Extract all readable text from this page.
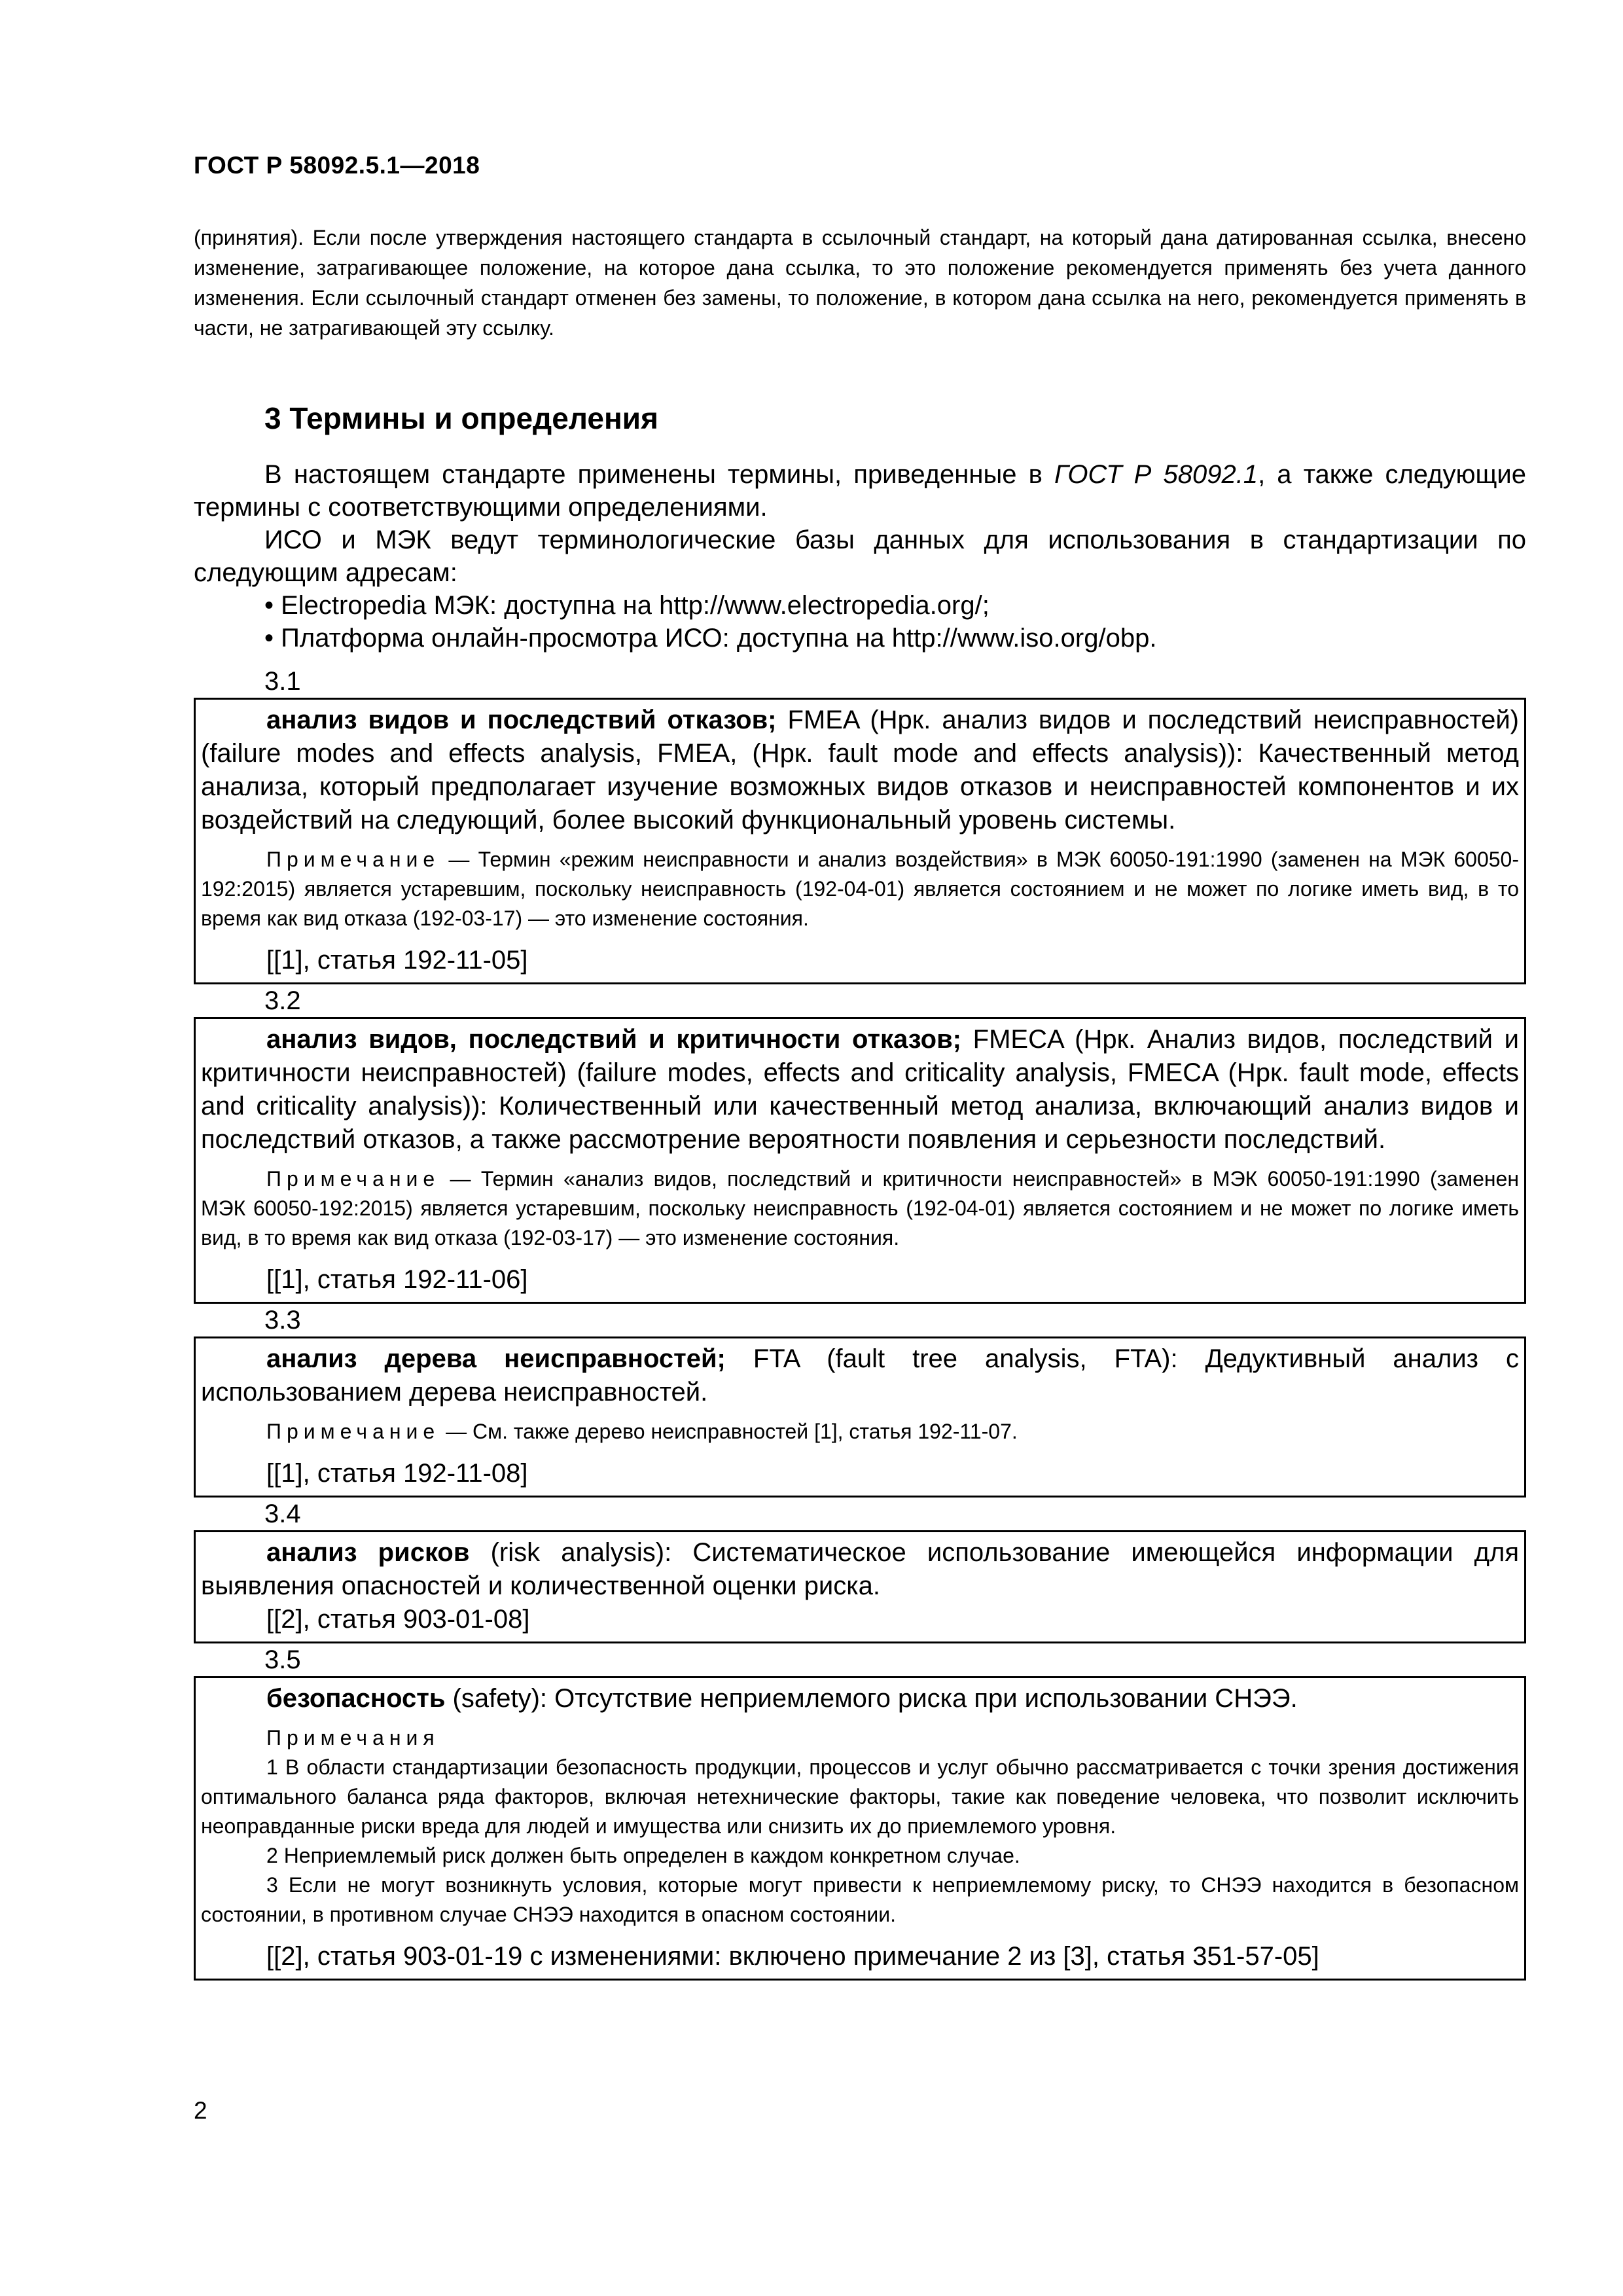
ГОСТ Р 58092.5.1—2018
(принятия). Если после утверждения настоящего стандарта в ссылочный стандарт, на который дана датированная ссылка, внесено изменение, затрагивающее положение, на которое дана ссылка, то это положение рекомендуется применять без учета данного изменения. Если ссылочный стандарт отменен без замены, то положение, в котором дана ссылка на него, рекомендуется применять в части, не затрагивающей эту ссылку.
3 Термины и определения

В настоящем стандарте применены термины, приведенные в ГОСТ Р 58092.1, а также следующие термины с соответствующими определениями.

ИСО и МЭК ведут терминологические базы данных для использования в стандартизации по следующим адресам:

• Electropedia МЭК: доступна на http://www.electropedia.org/;

• Платформа онлайн-просмотра ИСО: доступна на http://www.iso.org/obp.

3.1

анализ видов и последствий отказов; FMEA (Нрк. анализ видов и последствий неисправностей) (failure modes and effects analysis, FMEA, (Нрк. fault mode and effects analysis)): Качественный метод анализа, который предполагает изучение возможных видов отказов и неисправностей компонентов и их воздействий на следующий, более высокий функциональный уровень системы.

Примечание — Термин «режим неисправности и анализ воздействия» в МЭК 60050-191:1990 (заменен на МЭК 60050-192:2015) является устаревшим, поскольку неисправность (192-04-01) является состоянием и не может по логике иметь вид, в то время как вид отказа (192-03-17) — это изменение состояния.

[[1], статья 192-11-05]
3.2

анализ видов, последствий и критичности отказов; FMECA (Нрк. Анализ видов, последствий и критичности неисправностей) (failure modes, effects and criticality analysis, FMECA (Нрк. fault mode, effects and criticality analysis)): Количественный или качественный метод анализа, включающий анализ видов и последствий отказов, а также рассмотрение вероятности появления и серьезности последствий.

Примечание — Термин «анализ видов, последствий и критичности неисправностей» в МЭК 60050-191:1990 (заменен МЭК 60050-192:2015) является устаревшим, поскольку неисправность (192-04-01) является состоянием и не может по логике иметь вид, в то время как вид отказа (192-03-17) — это изменение состояния.

[[1], статья 192-11-06]
3.3

анализ дерева неисправностей; FTA (fault tree analysis, FTA): Дедуктивный анализ с использованием дерева неисправностей.

Примечание — См. также дерево неисправностей [1], статья 192-11-07.

[[1], статья 192-11-08]
3.4

анализ рисков (risk analysis): Систематическое использование имеющейся информации для выявления опасностей и количественной оценки риска.

[[2], статья 903-01-08]
3.5

безопасность (safety): Отсутствие неприемлемого риска при использовании СНЭЭ.

Примечания

1 В области стандартизации безопасность продукции, процессов и услуг обычно рассматривается с точки зрения достижения оптимального баланса ряда факторов, включая нетехнические факторы, такие как поведение человека, что позволит исключить неоправданные риски вреда для людей и имущества или снизить их до приемлемого уровня.

2 Неприемлемый риск должен быть определен в каждом конкретном случае.

3 Если не могут возникнуть условия, которые могут привести к неприемлемому риску, то СНЭЭ находится в безопасном состоянии, в противном случае СНЭЭ находится в опасном состоянии.

[[2], статья 903-01-19 с изменениями: включено примечание 2 из [3], статья 351-57-05]
2
